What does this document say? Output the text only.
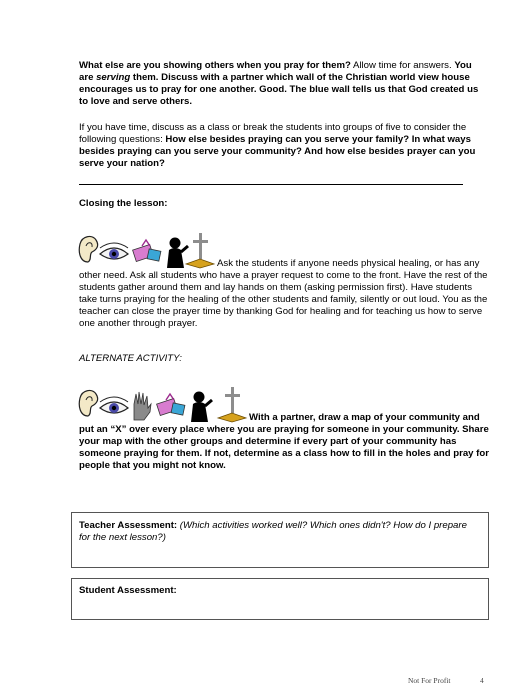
What else are you showing others when you pray for them? Allow time for answers. You are serving them. Discuss with a partner which wall of the Christian world view house encourages us to pray for one another. Good. The blue wall tells us that God created us to love and serve others.
If you have time, discuss as a class or break the students into groups of five to consider the following questions: How else besides praying can you serve your family? In what ways besides praying can you serve your community? And how else besides prayer can you serve your nation?
Closing the lesson:
Ask the students if anyone needs physical healing, or has any other need. Ask all students who have a prayer request to come to the front. Have the rest of the students gather around them and lay hands on them (asking permission first). Have students take turns praying for the healing of the other students and family, silently or out loud. You as the teacher can close the prayer time by thanking God for healing and for teaching us how to serve one another through prayer.
ALTERNATE ACTIVITY:
With a partner, draw a map of your community and put an “X” over every place where you are praying for someone in your community. Share your map with the other groups and determine if every part of your community has someone praying for them. If not, determine as a class how to fill in the holes and pray for people that you might not know.
Teacher Assessment: (Which activities worked well? Which ones didn't? How do I prepare for the next lesson?)
Student Assessment:
Not For Profit	4
